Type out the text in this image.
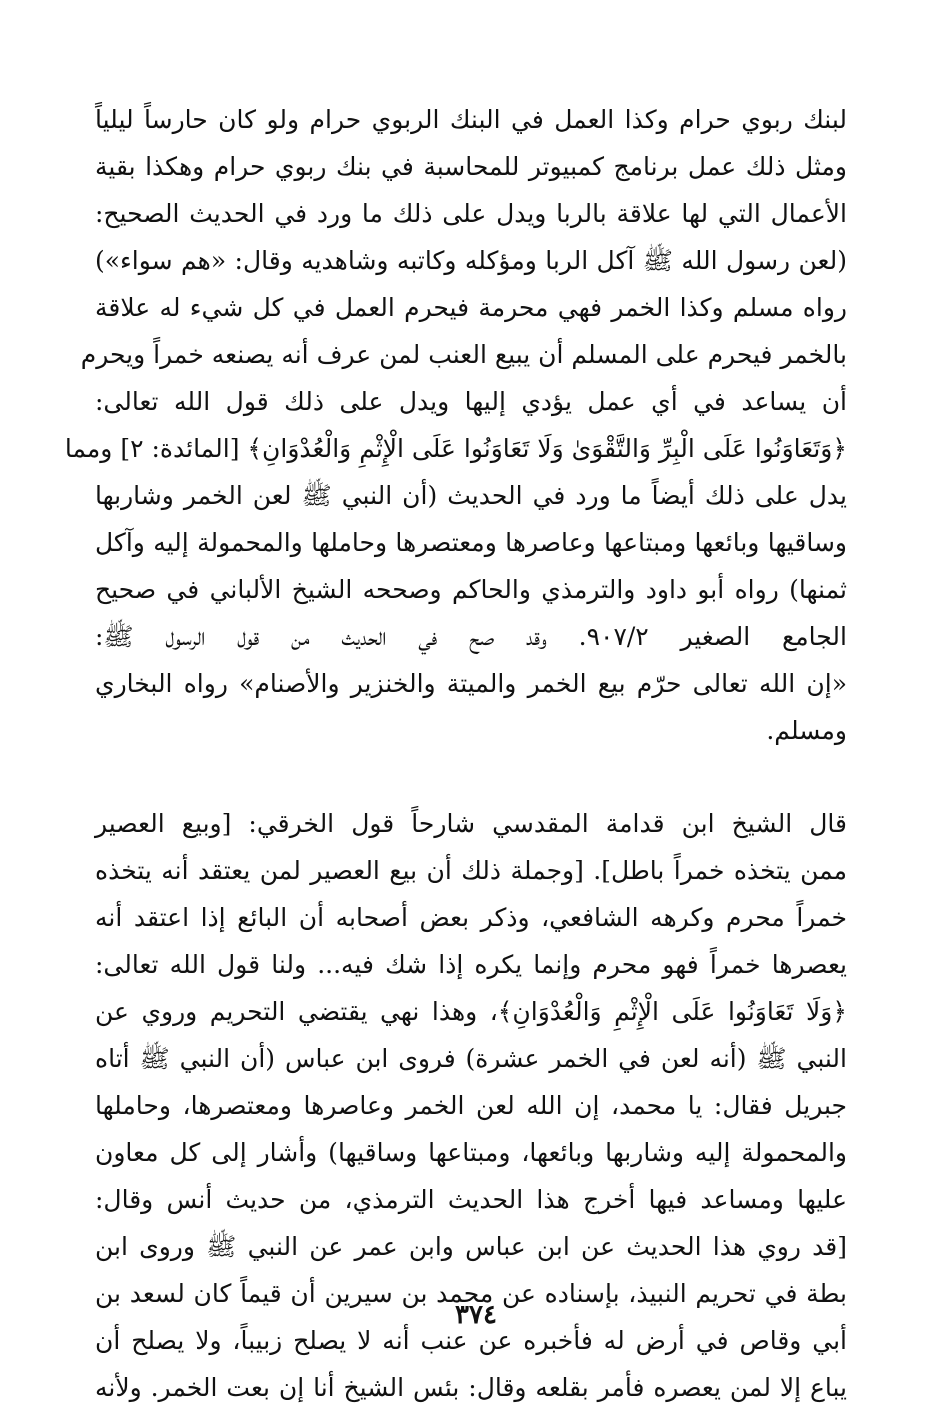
لبنك ربوي حرام وكذا العمل في البنك الربوي حرام ولو كان حارساً ليلياً
ومثل ذلك عمل برنامج كمبيوتر للمحاسبة في بنك ربوي حرام وهكذا بقية
الأعمال التي لها علاقة بالربا ويدل على ذلك ما ورد في الحديث الصحيح:
(لعن رسول الله ﷺ آكل الربا ومؤكله وكاتبه وشاهديه وقال: «هم سواء»)
رواه مسلم وكذا الخمر فهي محرمة فيحرم العمل في كل شيء له علاقة
بالخمر فيحرم على المسلم أن يبيع العنب لمن عرف أنه يصنعه خمراً ويحرم
أن يساعد في أي عمل يؤدي إليها ويدل على ذلك قول الله تعالى:
﴿وَتَعَاوَنُوا عَلَى الْبِرِّ وَالتَّقْوَىٰ وَلَا تَعَاوَنُوا عَلَى الْإِثْمِ وَالْعُدْوَانِ﴾ [المائدة: ٢] ومما
يدل على ذلك أيضاً ما ورد في الحديث (أن النبي ﷺ لعن الخمر وشاربها
وساقيها وبائعها ومبتاعها وعاصرها ومعتصرها وحاملها والمحمولة إليه وآكل
ثمنها) رواه أبو داود والترمذي والحاكم وصححه الشيخ الألباني في صحيح
الجامع الصغير ٩٠٧/٢. وقد صح في الحديث من قول الرسول ﷺ:
«إن الله تعالى حرّم بيع الخمر والميتة والخنزير والأصنام» رواه البخاري
ومسلم.
قال الشيخ ابن قدامة المقدسي شارحاً قول الخرقي: [وبيع العصير
ممن يتخذه خمراً باطل]. [وجملة ذلك أن بيع العصير لمن يعتقد أنه يتخذه
خمراً محرم وكرهه الشافعي، وذكر بعض أصحابه أن البائع إذا اعتقد أنه
يعصرها خمراً فهو محرم وإنما يكره إذا شك فيه... ولنا قول الله تعالى:
﴿وَلَا تَعَاوَنُوا عَلَى الْإِثْمِ وَالْعُدْوَانِ﴾، وهذا نهي يقتضي التحريم وروي عن
النبي ﷺ (أنه لعن في الخمر عشرة) فروى ابن عباس (أن النبي ﷺ أتاه
جبريل فقال: يا محمد، إن الله لعن الخمر وعاصرها ومعتصرها، وحاملها
والمحمولة إليه وشاربها وبائعها، ومبتاعها وساقيها) وأشار إلى كل معاون
عليها ومساعد فيها أخرج هذا الحديث الترمذي، من حديث أنس وقال:
[قد روي هذا الحديث عن ابن عباس وابن عمر عن النبي ﷺ وروى ابن
بطة في تحريم النبيذ، بإسناده عن محمد بن سيرين أن قيماً كان لسعد بن
أبي وقاص في أرض له فأخبره عن عنب أنه لا يصلح زبيباً، ولا يصلح أن
يباع إلا لمن يعصره فأمر بقلعه وقال: بئس الشيخ أنا إن بعت الخمر. ولأنه
٣٧٤
